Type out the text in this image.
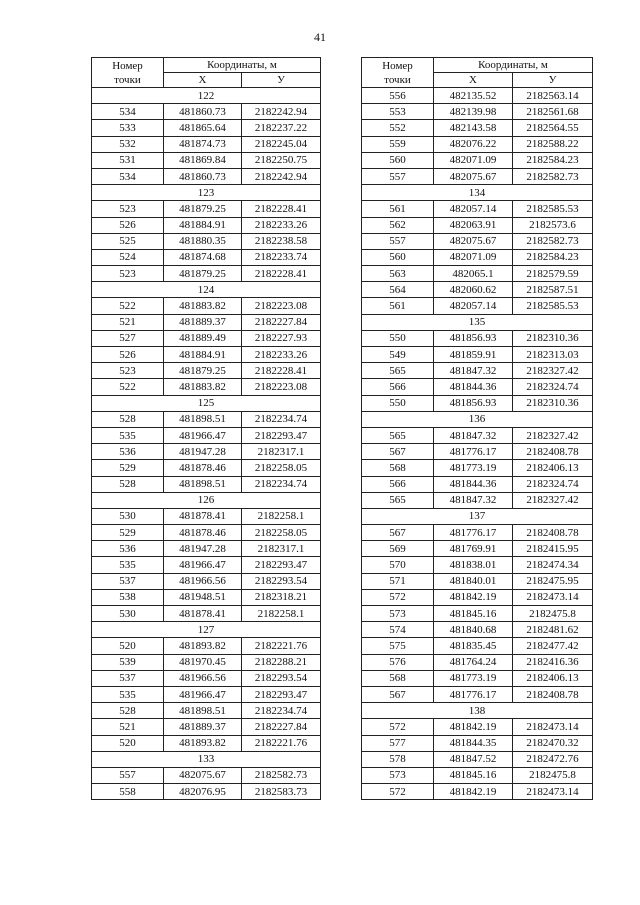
41
Номер
точки	Координаты, м	
	X	У
122		
534	481860.73	2182242.94
533	481865.64	2182237.22
532	481874.73	2182245.04
531	481869.84	2182250.75
534	481860.73	2182242.94
123		
523	481879.25	2182228.41
526	481884.91	2182233.26
525	481880.35	2182238.58
524	481874.68	2182233.74
523	481879.25	2182228.41
124		
522	481883.82	2182223.08
521	481889.37	2182227.84
527	481889.49	2182227.93
526	481884.91	2182233.26
523	481879.25	2182228.41
522	481883.82	2182223.08
125		
528	481898.51	2182234.74
535	481966.47	2182293.47
536	481947.28	2182317.1
529	481878.46	2182258.05
528	481898.51	2182234.74
126		
530	481878.41	2182258.1
529	481878.46	2182258.05
536	481947.28	2182317.1
535	481966.47	2182293.47
537	481966.56	2182293.54
538	481948.51	2182318.21
530	481878.41	2182258.1
127		
520	481893.82	2182221.76
539	481970.45	2182288.21
537	481966.56	2182293.54
535	481966.47	2182293.47
528	481898.51	2182234.74
521	481889.37	2182227.84
520	481893.82	2182221.76
133		
557	482075.67	2182582.73
558	482076.95	2182583.73
Номер
точки	Координаты, м	
	X	У
556	482135.52	2182563.14
553	482139.98	2182561.68
552	482143.58	2182564.55
559	482076.22	2182588.22
560	482071.09	2182584.23
557	482075.67	2182582.73
134		
561	482057.14	2182585.53
562	482063.91	2182573.6
557	482075.67	2182582.73
560	482071.09	2182584.23
563	482065.1	2182579.59
564	482060.62	2182587.51
561	482057.14	2182585.53
135		
550	481856.93	2182310.36
549	481859.91	2182313.03
565	481847.32	2182327.42
566	481844.36	2182324.74
550	481856.93	2182310.36
136		
565	481847.32	2182327.42
567	481776.17	2182408.78
568	481773.19	2182406.13
566	481844.36	2182324.74
565	481847.32	2182327.42
137		
567	481776.17	2182408.78
569	481769.91	2182415.95
570	481838.01	2182474.34
571	481840.01	2182475.95
572	481842.19	2182473.14
573	481845.16	2182475.8
574	481840.68	2182481.62
575	481835.45	2182477.42
576	481764.24	2182416.36
568	481773.19	2182406.13
567	481776.17	2182408.78
138		
572	481842.19	2182473.14
577	481844.35	2182470.32
578	481847.52	2182472.76
573	481845.16	2182475.8
572	481842.19	2182473.14
